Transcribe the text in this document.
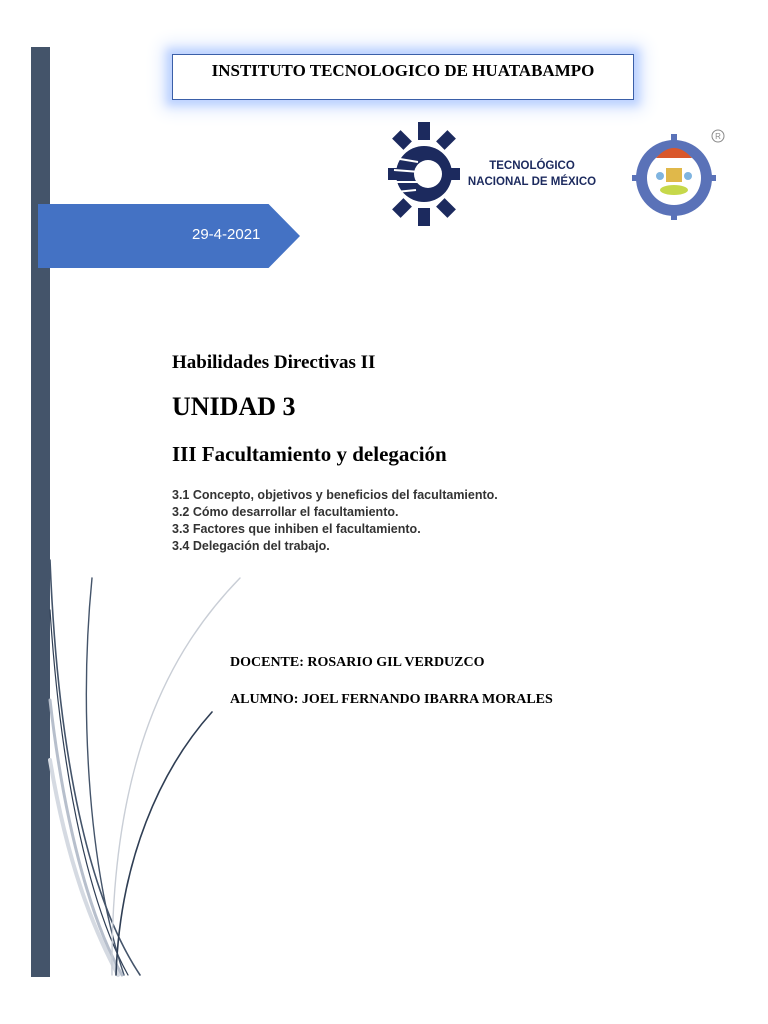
INSTITUTO TECNOLOGICO DE HUATABAMPO
TECNOLÓGICO
NACIONAL DE MÉXICO
R
29-4-2021
Habilidades Directivas II
UNIDAD 3
III Facultamiento y delegación
3.1 Concepto, objetivos y beneficios del facultamiento.
3.2 Cómo desarrollar el facultamiento.
3.3 Factores que inhiben el facultamiento.
3.4 Delegación del trabajo.
DOCENTE: ROSARIO GIL VERDUZCO
ALUMNO: JOEL FERNANDO IBARRA MORALES
